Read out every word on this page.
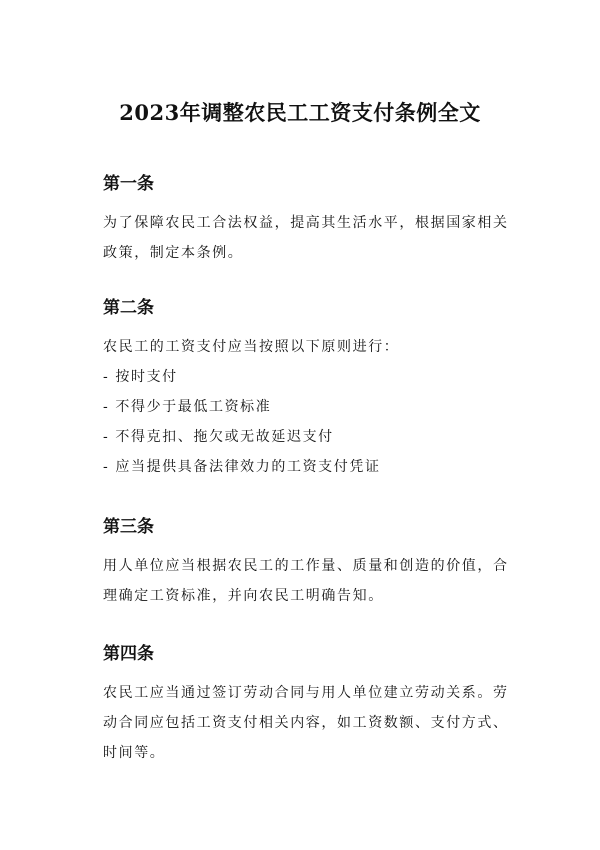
2023年调整农民工工资支付条例全文
第一条

为了保障农民工合法权益，提高其生活水平，根据国家相关政策，制定本条例。

第二条

农民工的工资支付应当按照以下原则进行：

- 按时支付
- 不得少于最低工资标准
- 不得克扣、拖欠或无故延迟支付
- 应当提供具备法律效力的工资支付凭证
第三条

用人单位应当根据农民工的工作量、质量和创造的价值，合理确定工资标准，并向农民工明确告知。

第四条

农民工应当通过签订劳动合同与用人单位建立劳动关系。劳动合同应包括工资支付相关内容，如工资数额、支付方式、时间等。
